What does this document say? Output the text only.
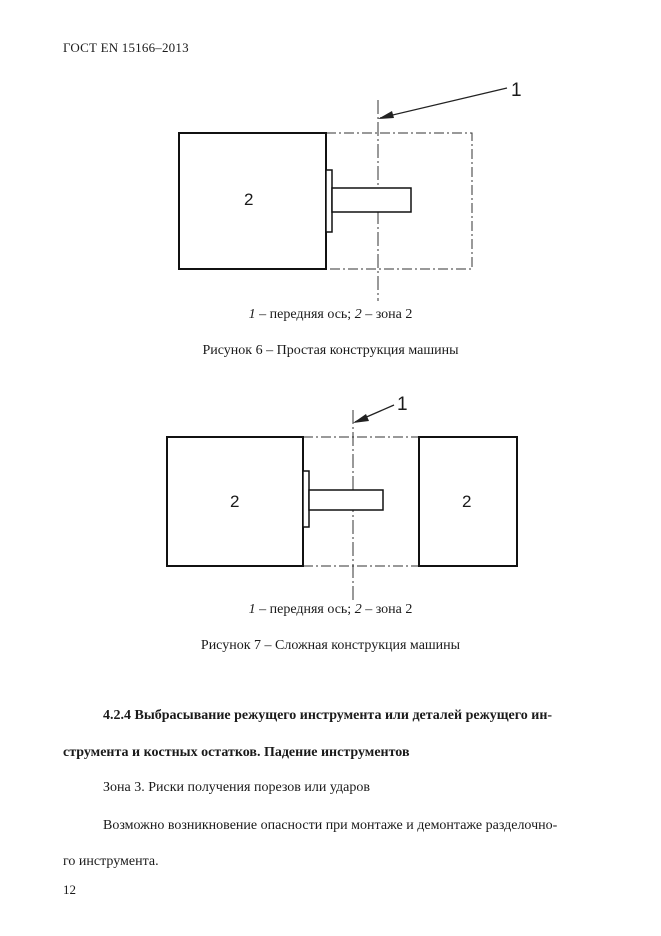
ГОСТ EN 15166–2013
1
2
1 – передняя ось; 2 – зона 2
Рисунок 6 – Простая конструкция машины
1
2	2
1 – передняя ось; 2 – зона 2
Рисунок 7 – Сложная конструкция машины
4.2.4 Выбрасывание режущего инструмента или деталей режущего ин-
струмента и костных остатков. Падение инструментов
Зона 3. Риски получения порезов или ударов
Возможно возникновение опасности при монтаже и демонтаже разделочно-
го инструмента.
12
